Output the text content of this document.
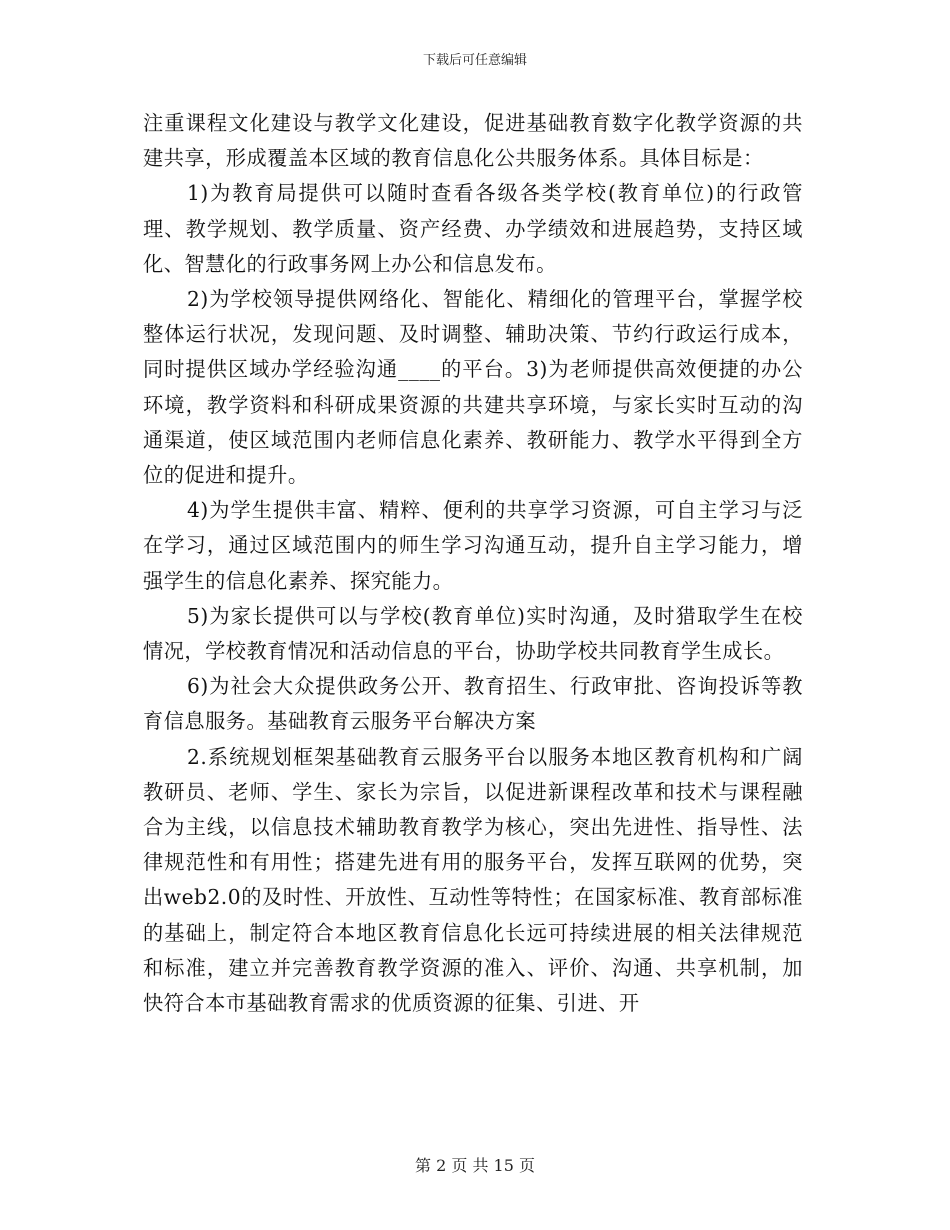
下载后可任意编辑

注重课程文化建设与教学文化建设，促进基础教育数字化教学资源的共建共享，形成覆盖本区域的教育信息化公共服务体系。具体目标是：

1)为教育局提供可以随时查看各级各类学校(教育单位)的行政管理、教学规划、教学质量、资产经费、办学绩效和进展趋势，支持区域化、智慧化的行政事务网上办公和信息发布。

2)为学校领导提供网络化、智能化、精细化的管理平台，掌握学校整体运行状况，发现问题、及时调整、辅助决策、节约行政运行成本，同时提供区域办学经验沟通____的平台。3)为老师提供高效便捷的办公环境，教学资料和科研成果资源的共建共享环境，与家长实时互动的沟通渠道，使区域范围内老师信息化素养、教研能力、教学水平得到全方位的促进和提升。

4)为学生提供丰富、精粹、便利的共享学习资源，可自主学习与泛在学习，通过区域范围内的师生学习沟通互动，提升自主学习能力，增强学生的信息化素养、探究能力。

5)为家长提供可以与学校(教育单位)实时沟通，及时猎取学生在校情况，学校教育情况和活动信息的平台，协助学校共同教育学生成长。

6)为社会大众提供政务公开、教育招生、行政审批、咨询投诉等教育信息服务。基础教育云服务平台解决方案

2.系统规划框架基础教育云服务平台以服务本地区教育机构和广阔教研员、老师、学生、家长为宗旨，以促进新课程改革和技术与课程融合为主线，以信息技术辅助教育教学为核心，突出先进性、指导性、法律规范性和有用性；搭建先进有用的服务平台，发挥互联网的优势，突出web2.0的及时性、开放性、互动性等特性；在国家标准、教育部标准的基础上，制定符合本地区教育信息化长远可持续进展的相关法律规范和标准，建立并完善教育教学资源的准入、评价、沟通、共享机制，加快符合本市基础教育需求的优质资源的征集、引进、开

第 2 页 共 15 页
